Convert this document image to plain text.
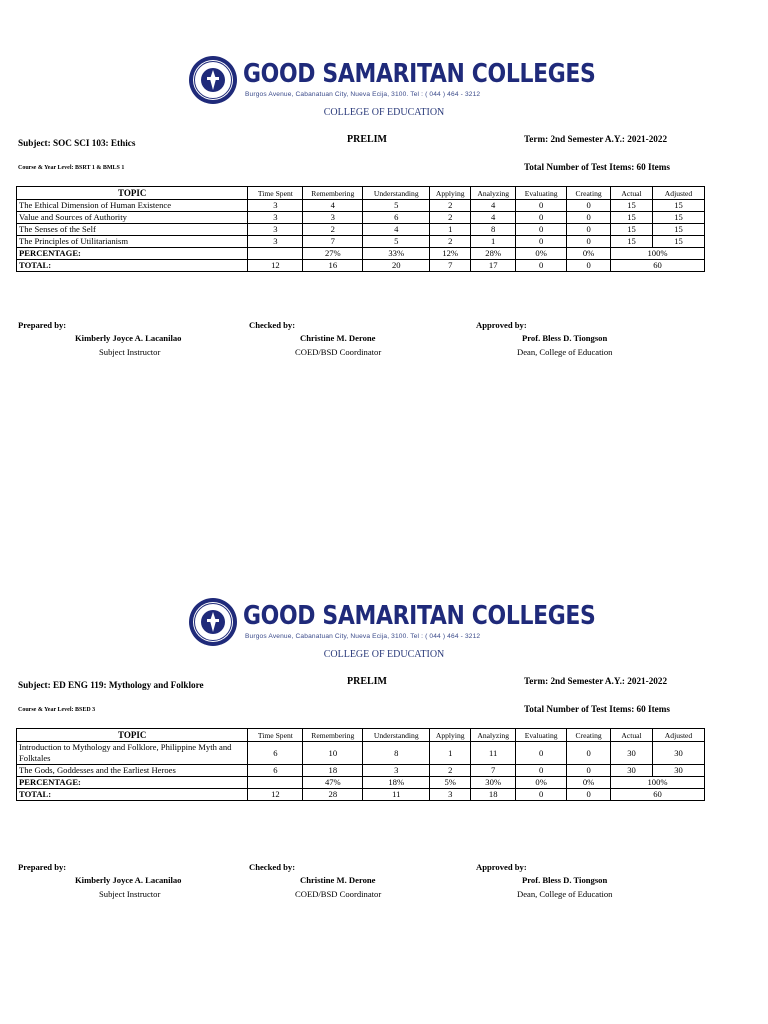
GOOD SAMARITAN COLLEGES
Burgos Avenue, Cabanatuan City, Nueva Ecija, 3100. Tel : ( 044 ) 464 - 3212
COLLEGE OF EDUCATION
Subject: SOC SCI 103: Ethics	PRELIM	Term: 2nd Semester A.Y.: 2021-2022
Course & Year Level: BSRT 1 & BMLS 1	Total Number of Test Items: 60 Items
TOPIC	Time Spent	Remembering	Understanding	Applying	Analyzing	Evaluating	Creating	Actual	Adjusted
The Ethical Dimension of Human Existence	3	4	5	2	4	0	0	15	15
Value and Sources of Authority	3	3	6	2	4	0	0	15	15
The Senses of the Self	3	2	4	1	8	0	0	15	15
The Principles of Utilitarianism	3	7	5	2	1	0	0	15	15
PERCENTAGE:		27%	33%	12%	28%	0%	0%	100%	
TOTAL:	12	16	20	7	17	0	0	60	
Prepared by:
Kimberly Joyce A. Lacanilao
Subject Instructor
Checked by:
Christine M. Derone
COED/BSD Coordinator
Approved by:
Prof. Bless D. Tiongson
Dean, College of Education
GOOD SAMARITAN COLLEGES
Burgos Avenue, Cabanatuan City, Nueva Ecija, 3100. Tel : ( 044 ) 464 - 3212
COLLEGE OF EDUCATION
Subject: ED ENG 119: Mythology and Folklore	PRELIM	Term: 2nd Semester A.Y.: 2021-2022
Course & Year Level: BSED 3	Total Number of Test Items: 60 Items
TOPIC	Time Spent	Remembering	Understanding	Applying	Analyzing	Evaluating	Creating	Actual	Adjusted
Introduction to Mythology and Folklore, Philippine Myth and Folktales	6	10	8	1	11	0	0	30	30
The Gods, Goddesses and the Earliest Heroes	6	18	3	2	7	0	0	30	30
PERCENTAGE:		47%	18%	5%	30%	0%	0%	100%	
TOTAL:	12	28	11	3	18	0	0	60	
Prepared by:
Kimberly Joyce A. Lacanilao
Subject Instructor
Checked by:
Christine M. Derone
COED/BSD Coordinator
Approved by:
Prof. Bless D. Tiongson
Dean, College of Education
